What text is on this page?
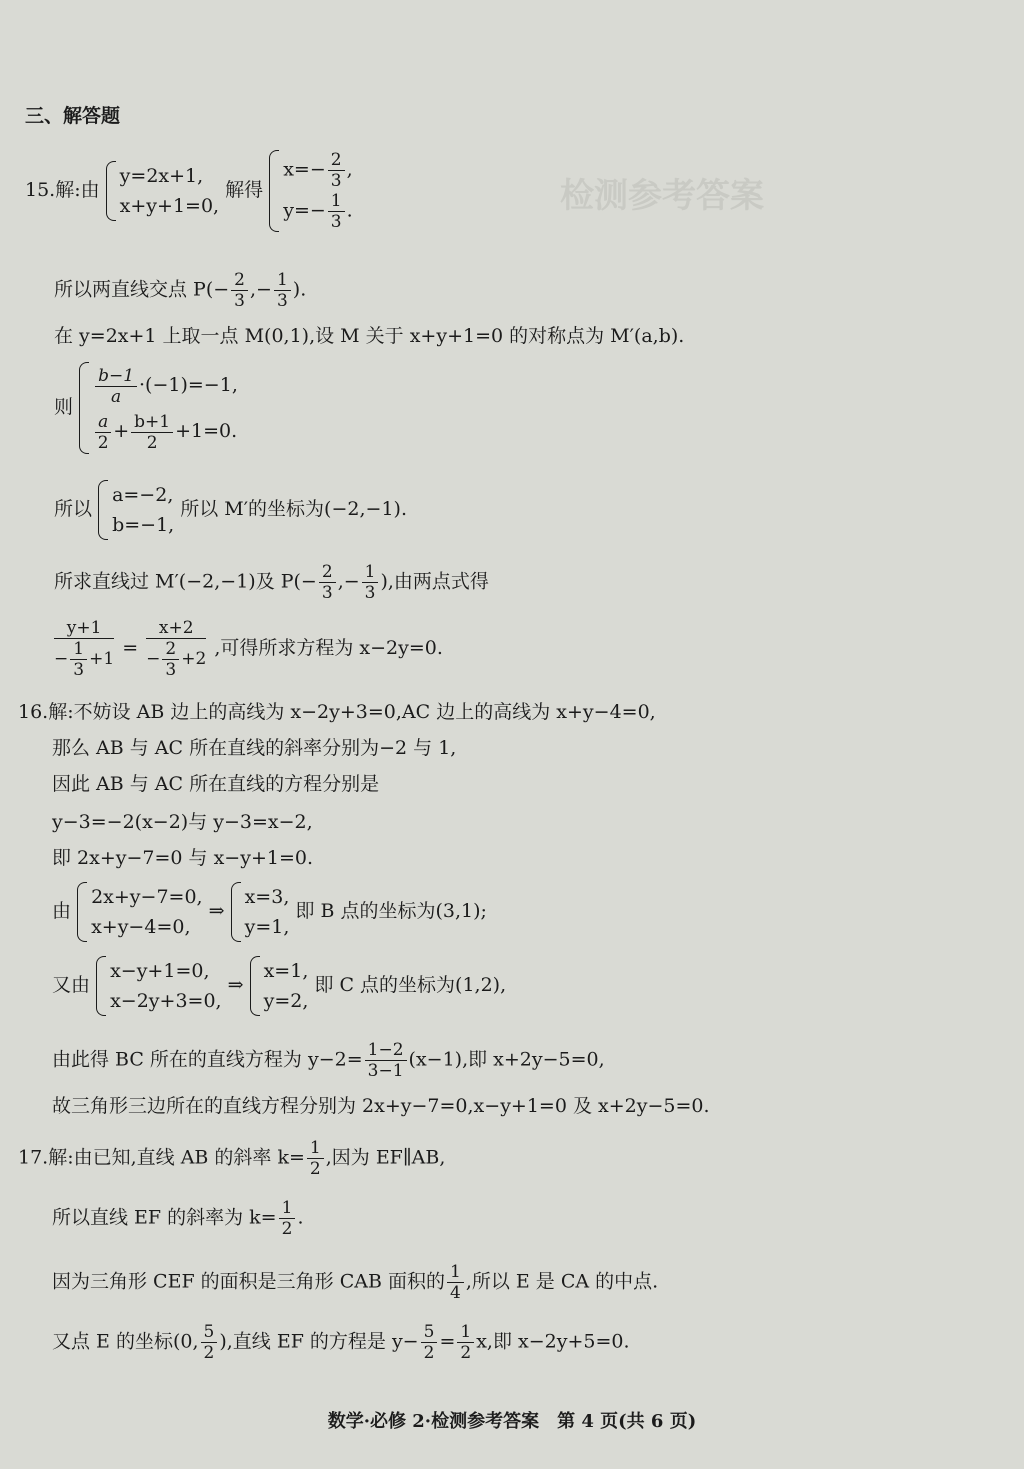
检测参考答案
三、解答题
15.解:由
y=2x+1,
x+y+1=0,
解得
$x=- \frac{2}{3}$ ,
$y=- \frac{1}{3}$ .
所以两直线交点 $P(- \frac{2}{3}$ ,− $\frac{1}{3}$ ).
在 y=2x+1 上取一点 M(0,1),设 M 关于 x+y+1=0 的对称点为 M′(a,b).
则
$\frac{b-1}{a} \cdot(-1)=-1$,
$\frac{a}{2} + \frac{b+1}{2} +1=0$.
所以
a=−2,
b=−1,
所以 M′的坐标为(−2,−1).
所求直线过 M′(−2,−1)及 $P(- \frac{2}{3}$ ,− $\frac{1}{3}$ ),由两点式得
$\frac{y+1}{- \frac{1}{3} +1} = \frac{x+2}{- \frac{2}{3} +2}$ ,可得所求方程为 x−2y=0.
16.解:不妨设 AB 边上的高线为 x−2y+3=0,AC 边上的高线为 x+y−4=0,
那么 AB 与 AC 所在直线的斜率分别为−2 与 1,
因此 AB 与 AC 所在直线的方程分别是
y−3=−2(x−2)与 y−3=x−2,
即 2x+y−7=0 与 x−y+1=0.
由
2x+y−7=0,
x+y−4=0,
⇒
x=3,
y=1,
即 B 点的坐标为(3,1);
又由
x−y+1=0,
x−2y+3=0,
⇒
x=1,
y=2,
即 C 点的坐标为(1,2),
由此得 BC 所在的直线方程为 $y-2= \frac{1-2}{3-1} (x-1)$,即 x+2y−5=0,
故三角形三边所在的直线方程分别为 2x+y−7=0,x−y+1=0 及 x+2y−5=0.
17.解:由已知,直线 AB 的斜率 $k= \frac{1}{2}$ ,因为 EF∥AB,
所以直线 EF 的斜率为 $k= \frac{1}{2}$ .
因为三角形 CEF 的面积是三角形 CAB 面积的 $\frac{1}{4}$ ,所以 E 是 CA 的中点.
又点 E 的坐标(0, $\frac{5}{2}$ ),直线 EF 的方程是 $y- \frac{5}{2} = \frac{1}{2} x$,即 x−2y+5=0.
数学·必修 2·检测参考答案　第 4 页(共 6 页)
